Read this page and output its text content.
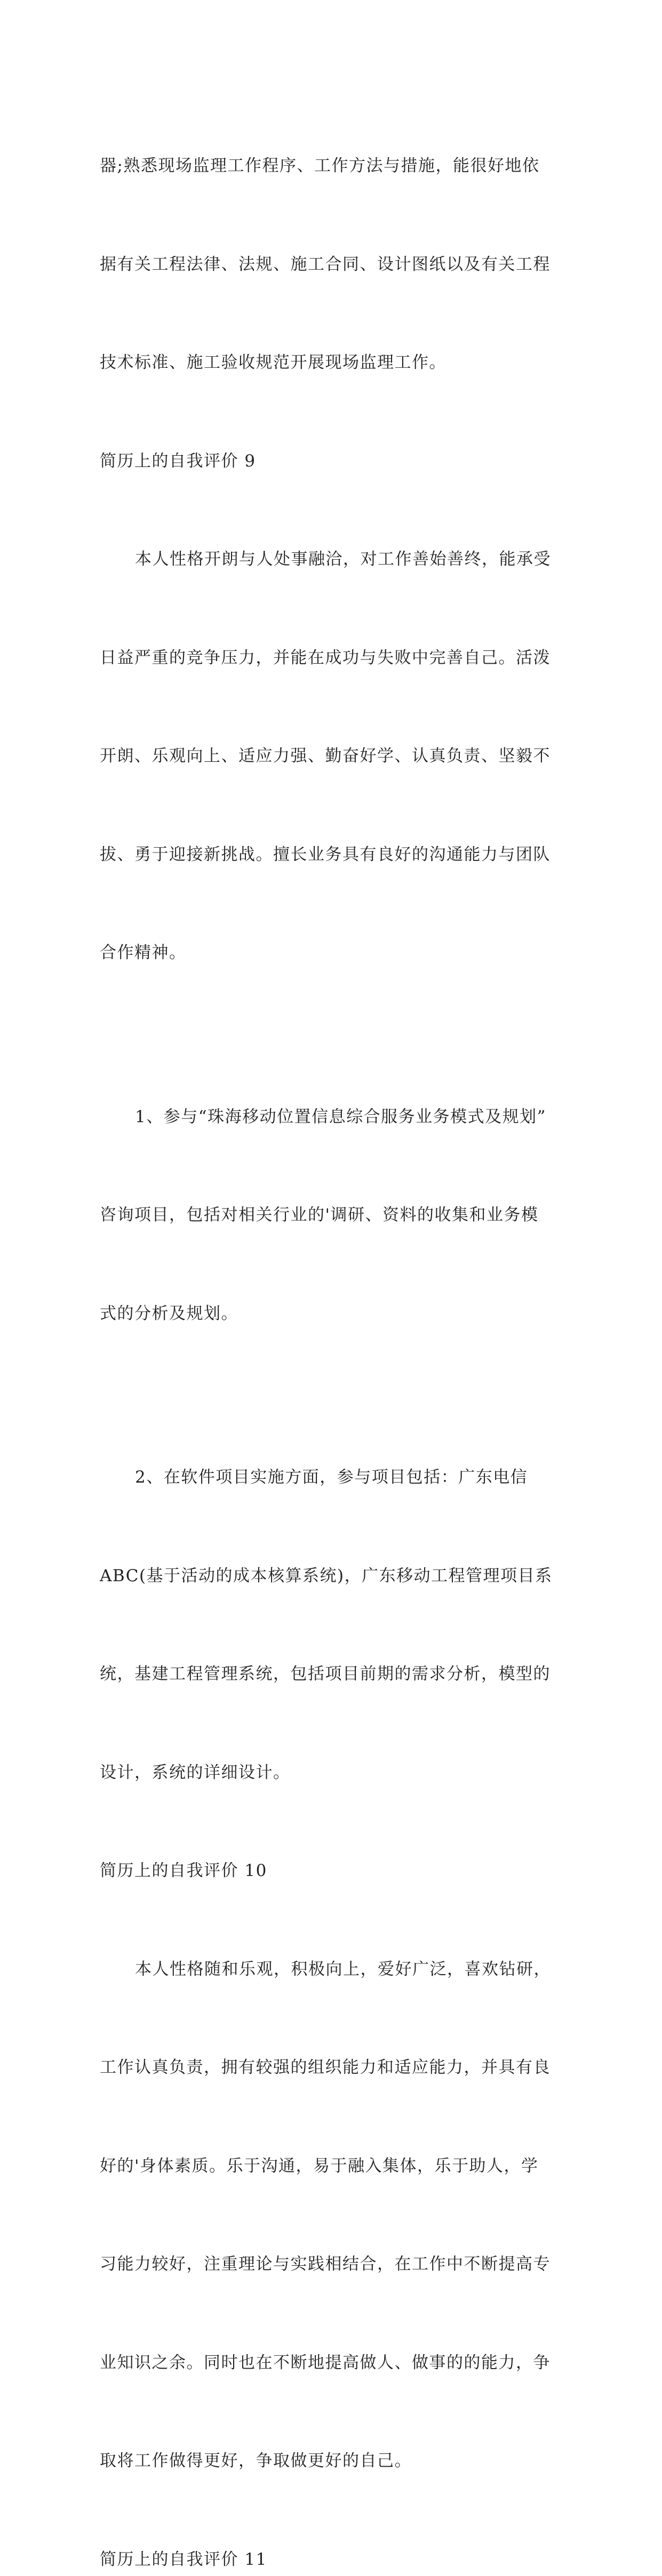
器;熟悉现场监理工作程序、工作方法与措施，能很好地依

据有关工程法律、法规、施工合同、设计图纸以及有关工程

技术标准、施工验收规范开展现场监理工作。

简历上的自我评价 9

本人性格开朗与人处事融洽，对工作善始善终，能承受

日益严重的竞争压力，并能在成功与失败中完善自己。活泼

开朗、乐观向上、适应力强、勤奋好学、认真负责、坚毅不

拔、勇于迎接新挑战。擅长业务具有良好的沟通能力与团队

合作精神。

1、参与“珠海移动位置信息综合服务业务模式及规划”

咨询项目，包括对相关行业的'调研、资料的收集和业务模

式的分析及规划。

2、在软件项目实施方面，参与项目包括：广东电信

ABC(基于活动的成本核算系统)，广东移动工程管理项目系

统，基建工程管理系统，包括项目前期的需求分析，模型的

设计，系统的详细设计。

简历上的自我评价 10

本人性格随和乐观，积极向上，爱好广泛，喜欢钻研，

工作认真负责，拥有较强的组织能力和适应能力，并具有良

好的'身体素质。乐于沟通，易于融入集体，乐于助人，学

习能力较好，注重理论与实践相结合，在工作中不断提高专

业知识之余。同时也在不断地提高做人、做事的的能力，争

取将工作做得更好，争取做更好的自己。

简历上的自我评价 11
